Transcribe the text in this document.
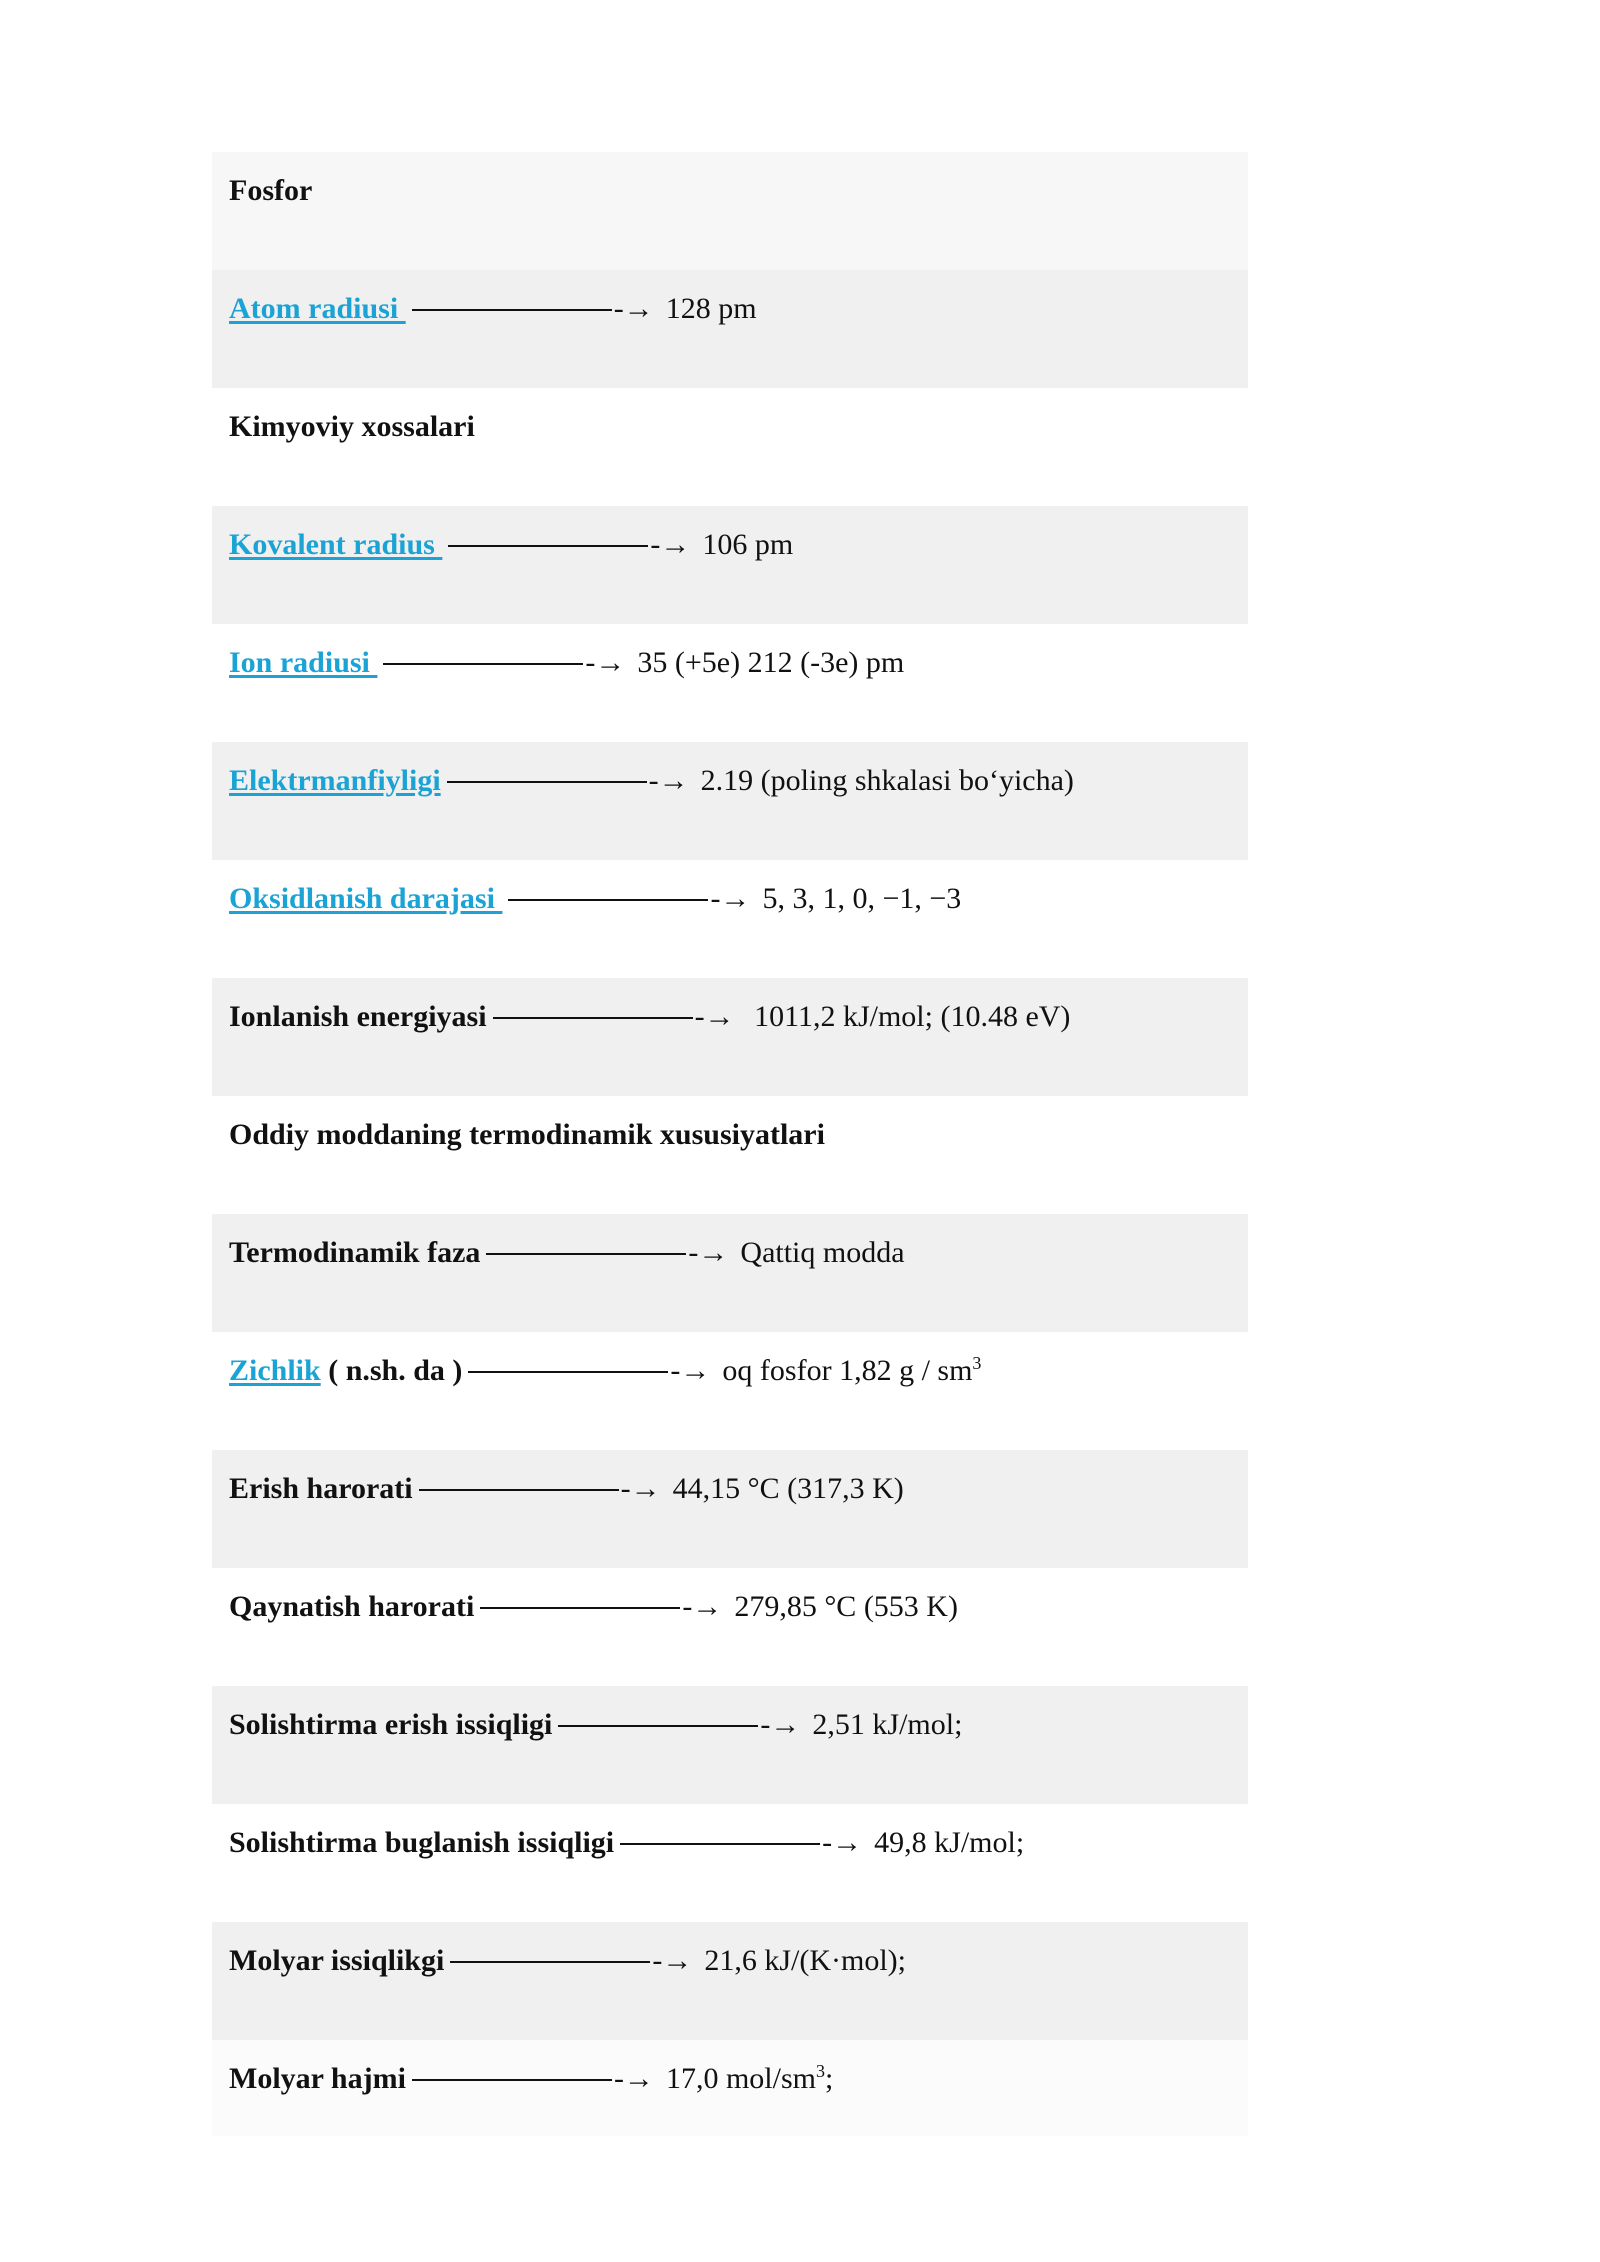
Fosfor
Atom radiusi	-→ 128 pm
Kimyoviy xossalari
Kovalent radius	-→ 106 pm
Ion radiusi	-→ 35 (+5e) 212 (-3e) pm
Elektrmanfiyligi	-→ 2.19 (poling shkalasi bo‘yicha)
Oksidlanish darajasi	-→ 5, 3, 1, 0, −1, −3
Ionlanish energiyasi	-→ 1011,2 kJ/mol; (10.48 eV)
Oddiy moddaning termodinamik xususiyatlari
Termodinamik faza	-→ Qattiq modda
Zichlik ( n.sh. da )	-→ oq fosfor 1,82 g / $sm^3$
Erish harorati	-→ 44,15 °C (317,3 K)
Qaynatish harorati	-→ 279,85 °C (553 K)
Solishtirma erish issiqligi	-→ 2,51 kJ/mol;
Solishtirma buglanish issiqligi	-→ 49,8 kJ/mol;
Molyar issiqlikgi	-→ 21,6 kJ/(K·mol);
Molyar hajmi	-→ 17,0 mol/$sm^3$;
